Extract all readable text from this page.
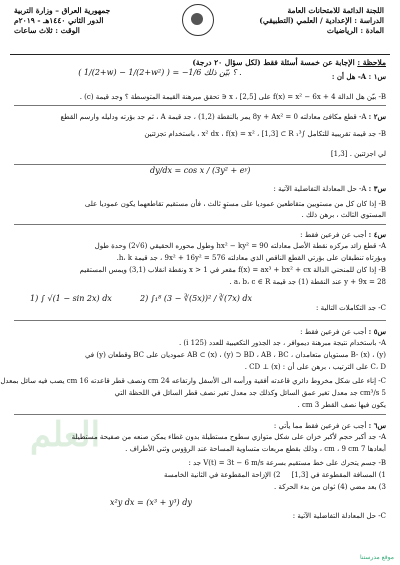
اللجنة الدائمة للامتحانات العامة
الدراسة : الإعدادية / العلمي (التطبيقي)
المادة : الرياضيات
جمهورية العراق – وزارة التربية
الدور الثاني ١٤٤٠هـ - ٢٠١٩م
الوقت : ثلاث ساعات
ملاحظة : الإجابة عن خمسة أسئلة فقط (لكل سؤال ٢٠ درجة)
س١ : A- هل أن :
( 1/(2+w) − 1/(2+w²) ) = −1/6 ؟ بيّن ذلك .
B- بيّن هل الدالة f(x) = x² − 6x + 4 على [2,5] ، x ∈ تحقق مبرهنة القيمة المتوسطة ؟ وجد قيمة (c) .
س٢ : A- قطع مكافئ معادلته 8y + Ax² = 0 يمر بالنقطة (1,2) ، جد قيمة A ، ثم جد بؤرته ودليله وارسم القطع
B- جد قيمة تقريبية للتكامل ∫₁³ x² dx ، f(x) = x² ، [1,3] ⊂ R ، باستخدام تجزئتين
لي اجزئتين . [1,3]
dy/dx = cos x / (3y² + eʸ)
س٣ : A- حل المعادلة التفاضلية الآتية :
B- إذا كان كل من مستويين متقاطعين عموديا على مستوٍ ثالث ، فأن مستقيم تقاطعهما يكون عموديا على
المستوي الثالث ، برهن ذلك .
س٤ : أجب عن فرعين فقط :
A- قطع زائد مركزه نقطة الأصل معادلته hx² − ky² = 90 وطول محوره الحقيقي (6√2) وحدة طول
وبؤرتاه تنطبقان على بؤرتي القطع الناقص الذي معادلته 9x² + 16y² = 576 ، جد قيمة h، k.
B- إذا كان للمنحني الدالة f(x) = ax³ + bx² + cx مقعر في x > 1 ونقطة انقلاب (3,1) ويمس المستقيم
y + 9x = 28 عند النقطة (1) جد قيمة a، b، c ∈ R .
1) ∫ √(1 − sin 2x) dx	2) ∫₁⁸ (3 − ∛(5x))² / ∛(7x) dx
C- جد التكاملات التالية :
س٥ : أجب عن فرعين فقط :
A- باستخدام نتيجة مبرهنة ديموافر ، جد الجذور التكعيبية للعدد (125 i) .
B- (x) ، (y) مستويان متعامدان ، AB ⊂ (x) ، (y) ⊃ BD ، AB ، BC عموديان على BC وقطعان (y) في
C، D على الترتيب ، برهن على أن : CD ⊥ (x) .
C- إناء على شكل مخروط دائري قاعدته أفقية ورأسه الى الأسفل وارتفاعه 24 cm ونصف قطر قاعدته 16 cm يصب فيه سائل بمعدل
5 cm³/s جد معدل تغير عمق السائل وكذلك جد معدل تغير نصف قطر السائل في اللحظة التي
يكون فيها نصف القطر 3 cm .
العلم	س٦ : أجب عن فرعين فقط مما يأتي :
A- جد أكبر حجم لأكبر خزان على شكل متوازي سطوح مستطيلة بدون غطاء يمكن صنعه من صفيحة مستطيلة
أبعادها 7 cm ، 9 cm ، وذلك بقطع مربعات متساوية المساحة عند الرؤوس وثني الأطراف .
B- جسم يتحرك على خط مستقيم بسرعة V(t) = 3t − 6 m/s جد :
1) المسافة المقطوعة في [1,3]     2) الإزاحة المقطوعة في الثانية الخامسة
3) بعد مضي (4) ثوان من بدء الحركة .
x²y dx = (x³ + y³) dy
C- حل المعادلة التفاضلية الآتية :
موقع مدرستنا
